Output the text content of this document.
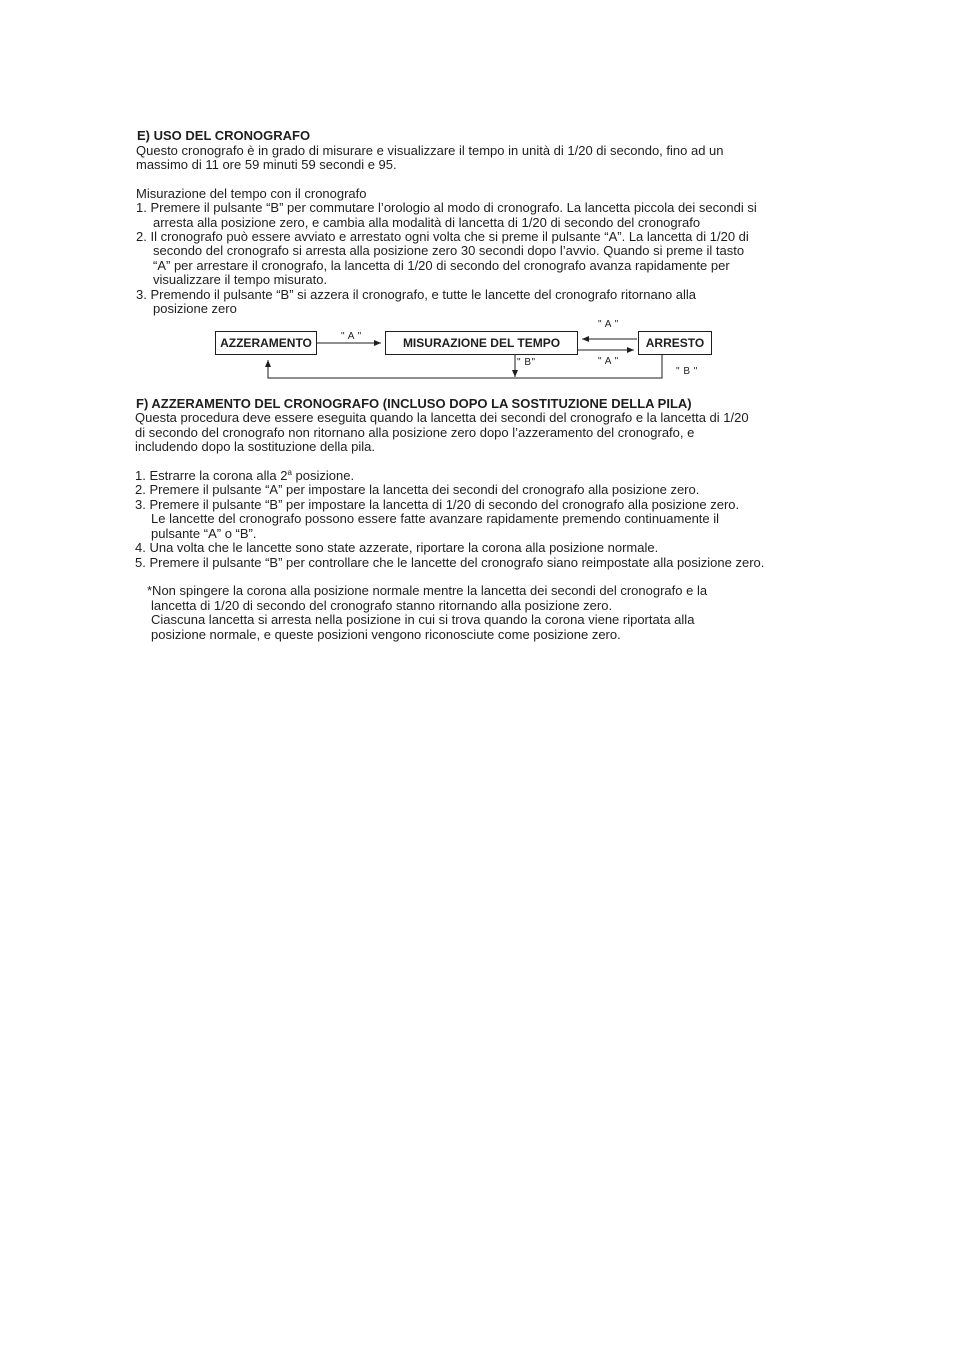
E) USO DEL CRONOGRAFO
Questo cronografo è in grado di misurare e visualizzare il tempo in unità di 1/20 di secondo, fino ad un
massimo di 11 ore 59 minuti 59 secondi e 95.
Misurazione del tempo con il cronografo
1. Premere il pulsante “B” per commutare l’orologio al modo di cronografo. La lancetta piccola dei secondi si
arresta alla posizione zero, e cambia alla modalità di lancetta di 1/20 di secondo del cronografo
2. Il cronografo può essere avviato e arrestato ogni volta che si preme il pulsante “A”. La lancetta di 1/20 di
secondo del cronografo si arresta alla posizione zero 30 secondi dopo l’avvio. Quando si preme il tasto
“A” per arrestare il cronografo, la lancetta di 1/20 di secondo del cronografo avanza rapidamente per
visualizzare il tempo misurato.
3. Premendo il pulsante “B” si azzera il cronografo, e tutte le lancette del cronografo ritornano alla
posizione zero
AZZERAMENTO	MISURAZIONE DEL TEMPO	ARRESTO
" A "
" A "
" A "
" B"
" B "
F) AZZERAMENTO DEL CRONOGRAFO (INCLUSO DOPO LA SOSTITUZIONE DELLA PILA)
Questa procedura deve essere eseguita quando la lancetta dei secondi del cronografo e la lancetta di 1/20
di secondo del cronografo non ritornano alla posizione zero dopo l’azzeramento del cronografo, e
includendo dopo la sostituzione della pila.
1. Estrarre la corona alla 2$^a$ posizione.
2. Premere il pulsante “A” per impostare la lancetta dei secondi del cronografo alla posizione zero.
3. Premere il pulsante “B” per impostare la lancetta di 1/20 di secondo del cronografo alla posizione zero.
Le lancette del cronografo possono essere fatte avanzare rapidamente premendo continuamente il
pulsante “A” o “B”.
4. Una volta che le lancette sono state azzerate, riportare la corona alla posizione normale.
5. Premere il pulsante “B” per controllare che le lancette del cronografo siano reimpostate alla posizione zero.
*Non spingere la corona alla posizione normale mentre la lancetta dei secondi del cronografo e la
lancetta di 1/20 di secondo del cronografo stanno ritornando alla posizione zero.
Ciascuna lancetta si arresta nella posizione in cui si trova quando la corona viene riportata alla
posizione normale, e queste posizioni vengono riconosciute come posizione zero.
